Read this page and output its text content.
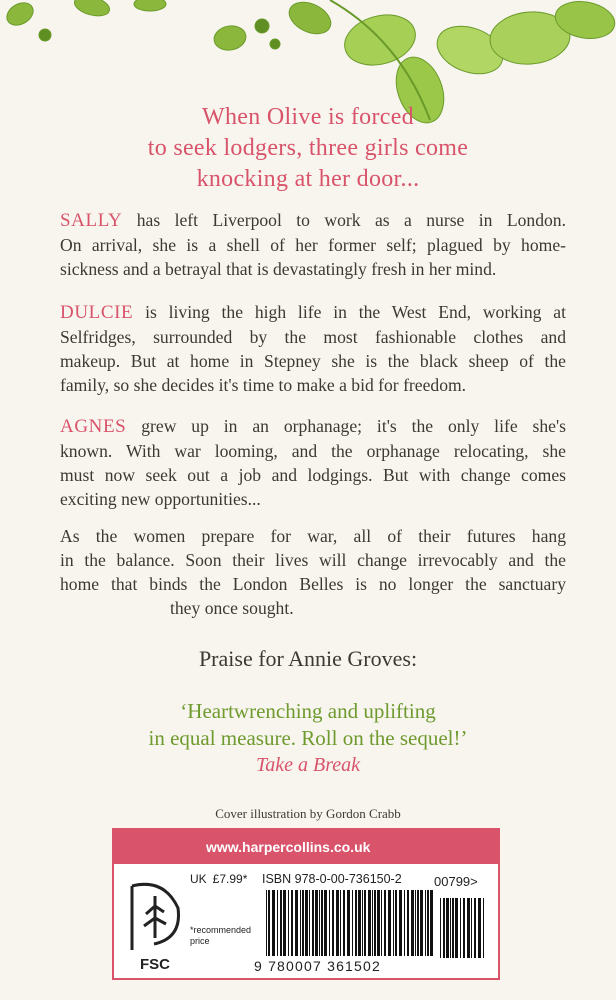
When Olive is forced
to seek lodgers, three girls come
knocking at her door...
SALLY has left Liverpool to work as a nurse in London.
On arrival, she is a shell of her former self; plagued by home-
sickness and a betrayal that is devastatingly fresh in her mind.
DULCIE is living the high life in the West End, working at
Selfridges, surrounded by the most fashionable clothes and
makeup. But at home in Stepney she is the black sheep of the
family, so she decides it's time to make a bid for freedom.
AGNES grew up in an orphanage; it's the only life she's
known. With war looming, and the orphanage relocating, she
must now seek out a job and lodgings. But with change comes
exciting new opportunities...
As the women prepare for war, all of their futures hang
in the balance. Soon their lives will change irrevocably and the
home that binds the London Belles is no longer the sanctuary
they once sought.
Praise for Annie Groves:
‘Heartwrenching and uplifting
in equal measure. Roll on the sequel!’
Take a Break
Cover illustration by Gordon Crabb
www.harpercollins.co.uk
FSC
UK £7.99*	ISBN 978-0-00-736150-2
*recommended price
00799>
9 780007 361502
